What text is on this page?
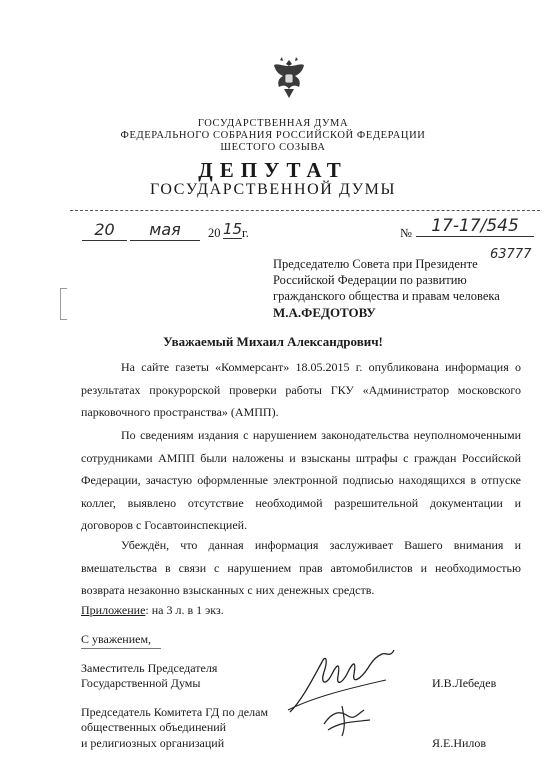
ГОСУДАРСТВЕННАЯ ДУМА
ФЕДЕРАЛЬНОГО СОБРАНИЯ РОССИЙСКОЙ ФЕДЕРАЦИИ
ШЕСТОГО СОЗЫВА
ДЕПУТАТ
ГОСУДАРСТВЕННОЙ ДУМЫ
20	мая	20 15 г.	№	17-17/545
63777
Председателю Совета при Президенте
Российской Федерации по развитию
гражданского общества и правам человека
М.А.ФЕДОТОВУ
Уважаемый Михаил Александрович!
На сайте газеты «Коммерсант» 18.05.2015 г. опубликована информация о результатах прокурорской проверки работы ГКУ «Администратор московского парковочного пространства» (АМПП).
По сведениям издания с нарушением законодательства неуполномоченными сотрудниками АМПП были наложены и взысканы штрафы с граждан Российской Федерации, зачастую оформленные электронной подписью находящихся в отпуске коллег, выявлено отсутствие необходимой разрешительной документации и договоров с Госавтоинспекцией.
Убеждён, что данная информация заслуживает Вашего внимания и вмешательства в связи с нарушением прав автомобилистов и необходимостью возврата незаконно взысканных с них денежных средств.
Приложение: на 3 л. в 1 экз.
С уважением,
Заместитель Председателя
Государственной Думы	И.В.Лебедев
Председатель Комитета ГД по делам
общественных объединений
и религиозных организаций	Я.Е.Нилов
